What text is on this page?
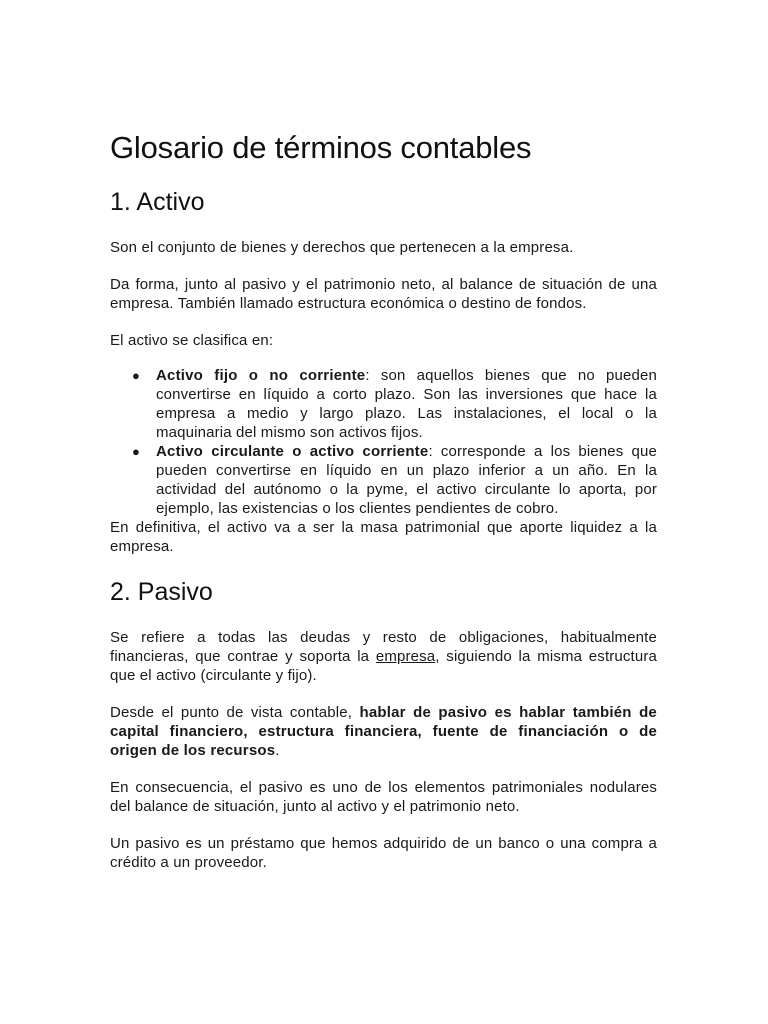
Glosario de términos contables
1. Activo

Son el conjunto de bienes y derechos que pertenecen a la empresa.

Da forma, junto al pasivo y el patrimonio neto, al balance de situación de una empresa. También llamado estructura económica o destino de fondos.

El activo se clasifica en:

● Activo fijo o no corriente: son aquellos bienes que no pueden convertirse en líquido a corto plazo. Son las inversiones que hace la empresa a medio y largo plazo. Las instalaciones, el local o la maquinaria del mismo son activos fijos.
● Activo circulante o activo corriente: corresponde a los bienes que pueden convertirse en líquido en un plazo inferior a un año. En la actividad del autónomo o la pyme, el activo circulante lo aporta, por ejemplo, las existencias o los clientes pendientes de cobro.

En definitiva, el activo va a ser la masa patrimonial que aporte liquidez a la empresa.

2. Pasivo

Se refiere a todas las deudas y resto de obligaciones, habitualmente financieras, que contrae y soporta la empresa, siguiendo la misma estructura que el activo (circulante y fijo).

Desde el punto de vista contable, hablar de pasivo es hablar también de capital financiero, estructura financiera, fuente de financiación o de origen de los recursos.

En consecuencia, el pasivo es uno de los elementos patrimoniales nodulares del balance de situación, junto al activo y el patrimonio neto.

Un pasivo es un préstamo que hemos adquirido de un banco o una compra a crédito a un proveedor.
